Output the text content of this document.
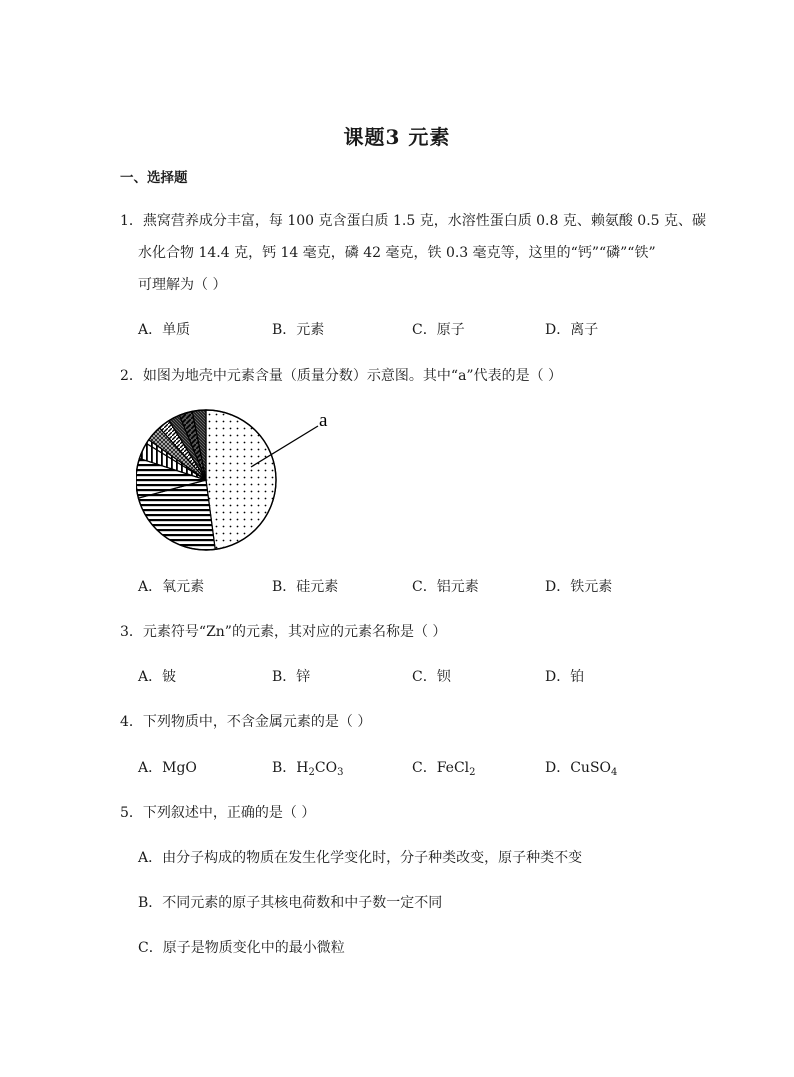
课题3 元素
一、选择题
1．燕窝营养成分丰富，每 100 克含蛋白质 1.5 克，水溶性蛋白质 0.8 克、赖氨酸 0.5 克、碳
水化合物 14.4 克，钙 14 毫克，磷 42 毫克，铁 0.3 毫克等，这里的“钙”“磷”“铁”
可理解为（ ）
A．单质	B．元素	C．原子	D．离子
2．如图为地壳中元素含量（质量分数）示意图。其中“a”代表的是（ ）
a
A．氧元素	B．硅元素	C．铝元素	D．铁元素
3．元素符号“Zn”的元素，其对应的元素名称是（ ）
A．铍	B．锌	C．钡	D．铂
4．下列物质中，不含金属元素的是（ ）
A．MgO	B．$H_2CO_3$	C．FeCl$_2$	D．CuSO$_4$
5．下列叙述中，正确的是（ ）
A．由分子构成的物质在发生化学变化时，分子种类改变，原子种类不变
B．不同元素的原子其核电荷数和中子数一定不同
C．原子是物质变化中的最小微粒
